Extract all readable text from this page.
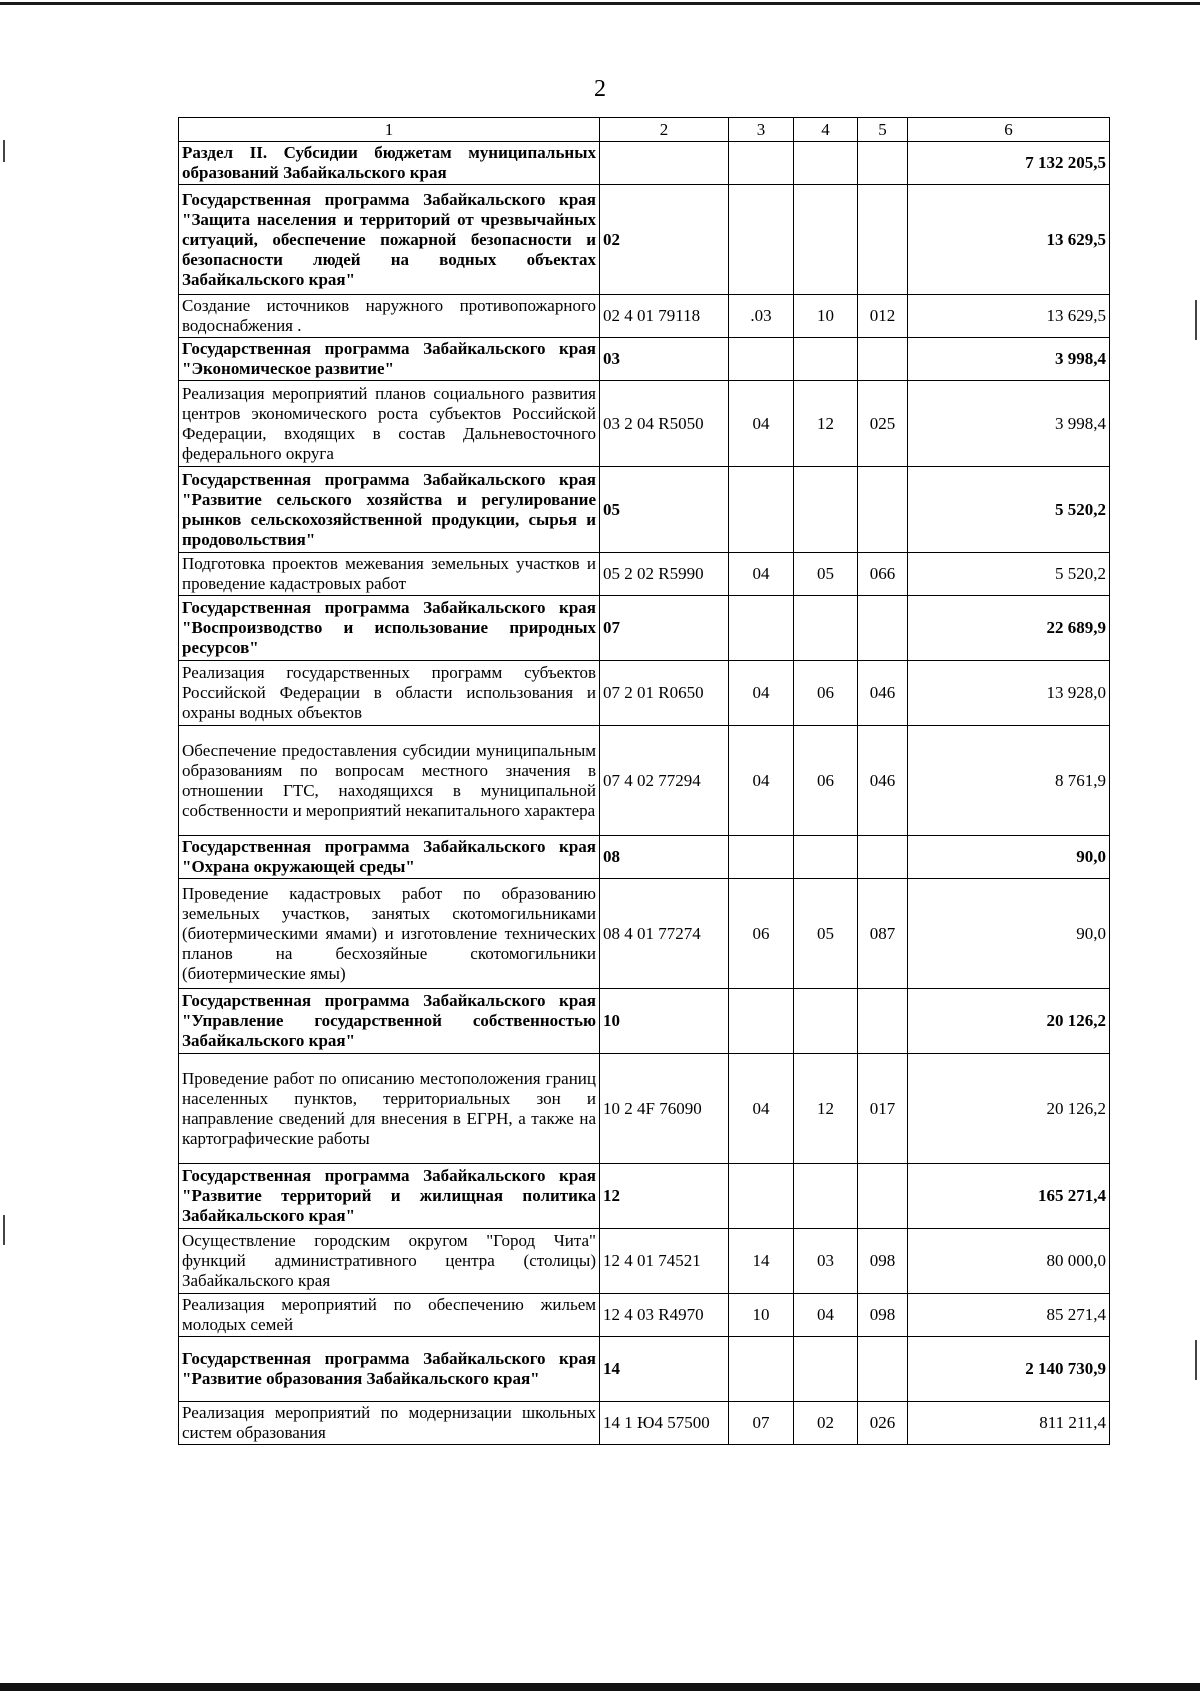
2
1	2	3	4	5	6
Раздел II. Субсидии бюджетам муниципальных образований Забайкальского края					7 132 205,5
Государственная программа Забайкальского края "Защита населения и территорий от чрезвычайных ситуаций, обеспечение пожарной безопасности и безопасности людей на водных объектах Забайкальского края"	02				13 629,5
Создание источников наружного противопожарного водоснабжения .	02 4 01 79118	.03	10	012	13 629,5
Государственная программа Забайкальского края "Экономическое развитие"	03				3 998,4
Реализация мероприятий планов социального развития центров экономического роста субъектов Российской Федерации, входящих в состав Дальневосточного федерального округа	03 2 04 R5050	04	12	025	3 998,4
Государственная программа Забайкальского края "Развитие сельского хозяйства и регулирование рынков сельскохозяйственной продукции, сырья и продовольствия"	05				5 520,2
Подготовка проектов межевания земельных участков и проведение кадастровых работ	05 2 02 R5990	04	05	066	5 520,2
Государственная программа Забайкальского края "Воспроизводство и использование природных ресурсов"	07				22 689,9
Реализация государственных программ субъектов Российской Федерации в области использования и охраны водных объектов	07 2 01 R0650	04	06	046	13 928,0
Обеспечение предоставления субсидии муниципальным образованиям по вопросам местного значения в отношении ГТС, находящихся в муниципальной собственности и мероприятий некапитального характера	07 4 02 77294	04	06	046	8 761,9
Государственная программа Забайкальского края "Охрана окружающей среды"	08				90,0
Проведение кадастровых работ по образованию земельных участков, занятых скотомогильниками (биотермическими ямами) и изготовление технических планов на бесхозяйные скотомогильники (биотермические ямы)	08 4 01 77274	06	05	087	90,0
Государственная программа Забайкальского края "Управление государственной собственностью Забайкальского края"	10				20 126,2
Проведение работ по описанию местоположения границ населенных пунктов, территориальных зон и направление сведений для внесения в ЕГРН, а также на картографические работы	10 2 4F 76090	04	12	017	20 126,2
Государственная программа Забайкальского края "Развитие территорий и жилищная политика Забайкальского края"	12				165 271,4
Осуществление городским округом "Город Чита" функций административного центра (столицы) Забайкальского края	12 4 01 74521	14	03	098	80 000,0
Реализация мероприятий по обеспечению жильем молодых семей	12 4 03 R4970	10	04	098	85 271,4
Государственная программа Забайкальского края "Развитие образования Забайкальского края"	14				2 140 730,9
Реализация мероприятий по модернизации школьных систем образования	14 1 Ю4 57500	07	02	026	811 211,4
